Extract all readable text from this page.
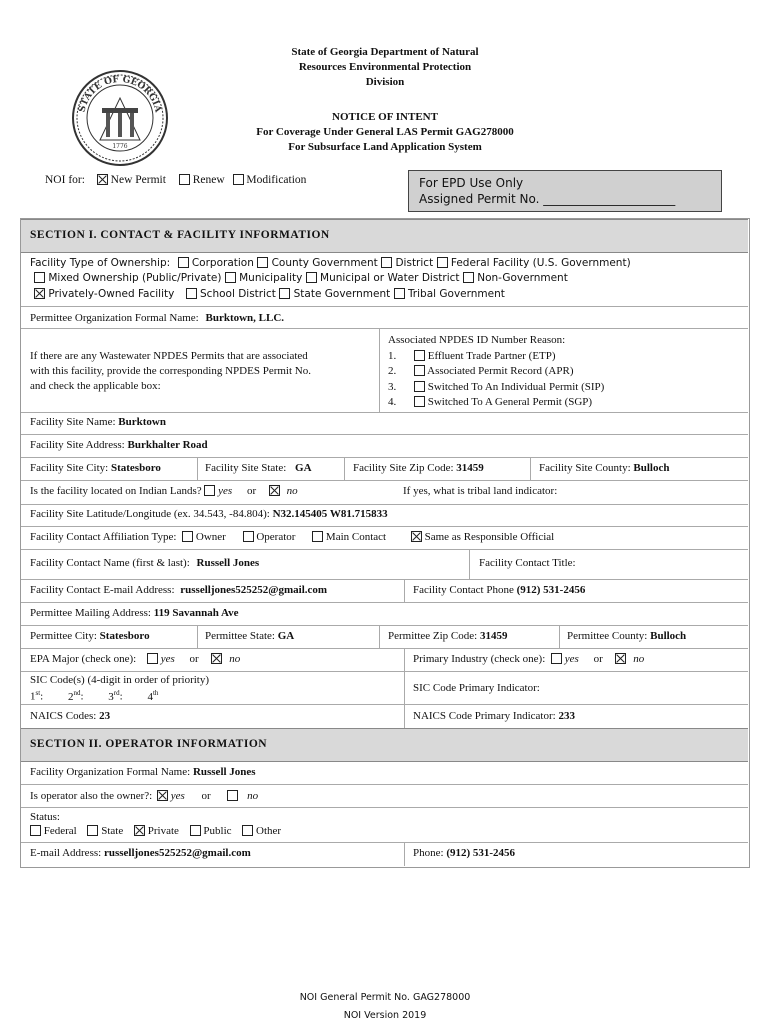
STATE OF GEORGIA
1776
State of Georgia Department of Natural
Resources Environmental Protection
Division
NOTICE OF INTENT
For Coverage Under General LAS Permit GAG278000
For Subsurface Land Application System
NOI for: New Permit Renew Modification	For EPD Use Only
Assigned Permit No. ______________________
SECTION I. CONTACT & FACILITY INFORMATION
Facility Type of Ownership: Corporation County Government District Federal Facility (U.S. Government)
Mixed Ownership (Public/Private) Municipality Municipal or Water District Non-Government
Privately-Owned Facility School District State Government Tribal Government
Permittee Organization Formal Name: Burktown, LLC.
If there are any Wastewater NPDES Permits that are associated
with this facility, provide the corresponding NPDES Permit No.
and check the applicable box:
Associated NPDES ID Number Reason:
1.	Effluent Trade Partner (ETP)
2.	Associated Permit Record (APR)
3.	Switched To An Individual Permit (SIP)
4.	Switched To A General Permit (SGP)
Facility Site Name: Burktown
Facility Site Address: Burkhalter Road
Facility Site City: Statesboro	Facility Site State: GA	Facility Site Zip Code: 31459	Facility Site County: Bulloch
Is the facility located on Indian Lands? yes or	no	If yes, what is tribal land indicator:
Facility Site Latitude/Longitude (ex. 34.543, -84.804): N32.145405 W81.715833
Facility Contact Affiliation Type: Owner	Operator	Main Contact	Same as Responsible Official
Facility Contact Name (first & last): Russell Jones	Facility Contact Title:
Facility Contact E-mail Address: russelljones525252@gmail.com	Facility Contact Phone (912) 531-2456
Permittee Mailing Address: 119 Savannah Ave
Permittee City: Statesboro	Permittee State: GA	Permittee Zip Code: 31459	Permittee County: Bulloch
EPA Major (check one): yes or	no	Primary Industry (check one): yes or	no
SIC Code(s) (4-digit in order of priority)
1st: 2nd: 3rd: 4th	SIC Code Primary Indicator:
NAICS Codes: 23	NAICS Code Primary Indicator: 233
SECTION II. OPERATOR INFORMATION
Facility Organization Formal Name: Russell Jones
Is operator also the owner?: yes or	no
Status:
Federal State Private Public Other
E-mail Address: russelljones525252@gmail.com	Phone: (912) 531-2456
NOI General Permit No. GAG278000
NOI Version 2019
